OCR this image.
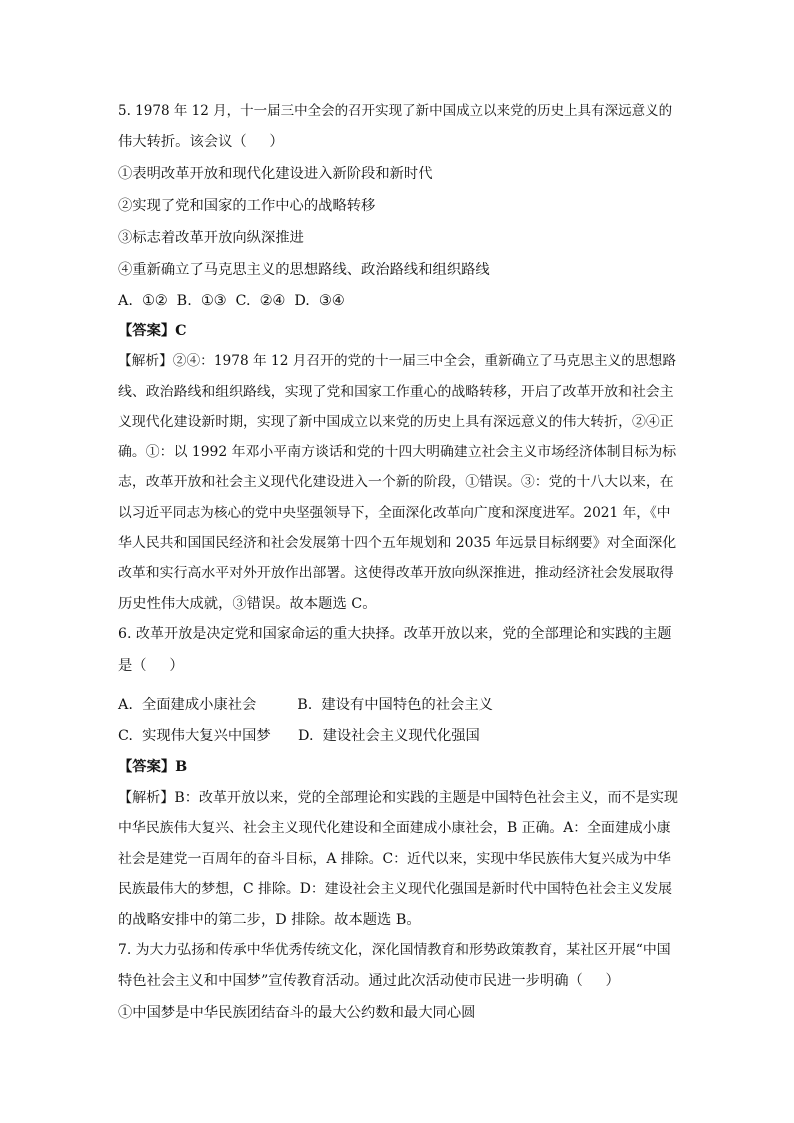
5. 1978 年 12 月，十一届三中全会的召开实现了新中国成立以来党的历史上具有深远意义的
伟大转折。该会议（     ）
①表明改革开放和现代化建设进入新阶段和新时代
②实现了党和国家的工作中心的战略转移
③标志着改革开放向纵深推进
④重新确立了马克思主义的思想路线、政治路线和组织路线
A.  ①②  B.  ①③  C.  ②④  D.  ③④
【答案】C
【解析】②④：1978 年 12 月召开的党的十一届三中全会，重新确立了马克思主义的思想路
线、政治路线和组织路线，实现了党和国家工作重心的战略转移，开启了改革开放和社会主
义现代化建设新时期，实现了新中国成立以来党的历史上具有深远意义的伟大转折，②④正
确。①：以 1992 年邓小平南方谈话和党的十四大明确建立社会主义市场经济体制目标为标
志，改革开放和社会主义现代化建设进入一个新的阶段，①错误。③：党的十八大以来，在
以习近平同志为核心的党中央坚强领导下，全面深化改革向广度和深度进军。2021 年，《中
华人民共和国国民经济和社会发展第十四个五年规划和 2035 年远景目标纲要》对全面深化
改革和实行高水平对外开放作出部署。这使得改革开放向纵深推进，推动经济社会发展取得
历史性伟大成就，③错误。故本题选 C。
6. 改革开放是决定党和国家命运的重大抉择。改革开放以来，党的全部理论和实践的主题
是（     ）
A.  全面建成小康社会         B.  建设有中国特色的社会主义
C.  实现伟大复兴中国梦      D.  建设社会主义现代化强国
【答案】B
【解析】B：改革开放以来，党的全部理论和实践的主题是中国特色社会主义，而不是实现
中华民族伟大复兴、社会主义现代化建设和全面建成小康社会，B 正确。A：全面建成小康
社会是建党一百周年的奋斗目标，A 排除。C：近代以来，实现中华民族伟大复兴成为中华
民族最伟大的梦想，C 排除。D：建设社会主义现代化强国是新时代中国特色社会主义发展
的战略安排中的第二步，D 排除。故本题选 B。
7. 为大力弘扬和传承中华优秀传统文化，深化国情教育和形势政策教育，某社区开展“中国
特色社会主义和中国梦”宣传教育活动。通过此次活动使市民进一步明确（     ）
①中国梦是中华民族团结奋斗的最大公约数和最大同心圆
